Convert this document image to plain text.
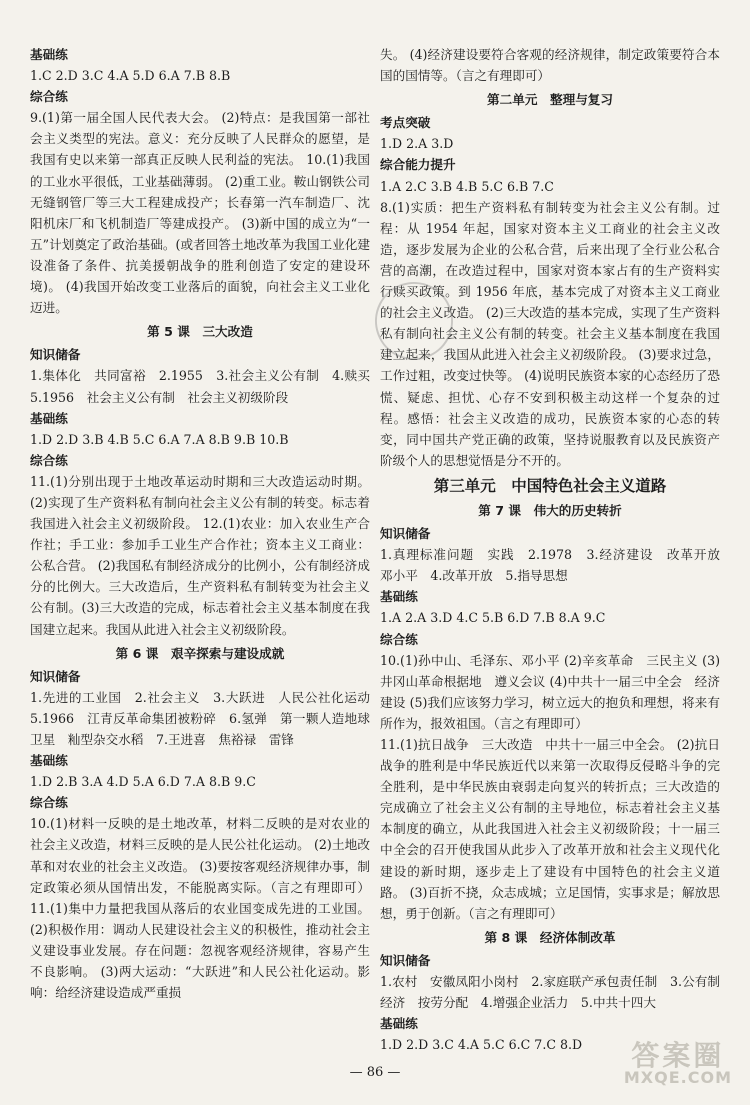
基础练

1.C 2.D 3.C 4.A 5.D 6.A 7.B 8.B

综合练

9.(1)第一届全国人民代表大会。 (2)特点：是我国第一部社会主义类型的宪法。意义：充分反映了人民群众的愿望，是我国有史以来第一部真正反映人民利益的宪法。 10.(1)我国的工业水平很低，工业基础薄弱。 (2)重工业。鞍山钢铁公司无缝钢管厂等三大工程建成投产；长春第一汽车制造厂、沈阳机床厂和飞机制造厂等建成投产。 (3)新中国的成立为“一五”计划奠定了政治基础。(或者回答土地改革为我国工业化建设准备了条件、抗美援朝战争的胜利创造了安定的建设环境)。 (4)我国开始改变工业落后的面貌，向社会主义工业化迈进。

第 5 课　三大改造
知识储备

1.集体化　共同富裕　2.1955　3.社会主义公有制　4.赎买　5.1956　社会主义公有制　社会主义初级阶段

基础练

1.D 2.D 3.B 4.B 5.C 6.A 7.A 8.B 9.B 10.B

综合练

11.(1)分别出现于土地改革运动时期和三大改造运动时期。 (2)实现了生产资料私有制向社会主义公有制的转变。标志着我国进入社会主义初级阶段。 12.(1)农业：加入农业生产合作社；手工业：参加手工业生产合作社；资本主义工商业：公私合营。 (2)我国私有制经济成分的比例小，公有制经济成分的比例大。三大改造后，生产资料私有制转变为社会主义公有制。(3)三大改造的完成，标志着社会主义基本制度在我国建立起来。我国从此进入社会主义初级阶段。

第 6 课　艰辛探索与建设成就
知识储备

1.先进的工业国　2.社会主义　3.大跃进　人民公社化运动　5.1966　江青反革命集团被粉碎　6.氢弹　第一颗人造地球卫星　籼型杂交水稻　7.王进喜　焦裕禄　雷锋

基础练

1.D 2.B 3.A 4.D 5.A 6.D 7.A 8.B 9.C

综合练

10.(1)材料一反映的是土地改革，材料二反映的是对农业的社会主义改造，材料三反映的是人民公社化运动。 (2)土地改革和对农业的社会主义改造。 (3)要按客观经济规律办事，制定政策必须从国情出发，不能脱离实际。（言之有理即可） 11.(1)集中力量把我国从落后的农业国变成先进的工业国。 (2)积极作用：调动人民建设社会主义的积极性，推动社会主义建设事业发展。存在问题：忽视客观经济规律，容易产生不良影响。 (3)两大运动：“大跃进”和人民公社化运动。影响：给经济建设造成严重损

失。 (4)经济建设要符合客观的经济规律，制定政策要符合本国的国情等。（言之有理即可）

第二单元　整理与复习
考点突破

1.D 2.A 3.D

综合能力提升

1.A 2.C 3.B 4.B 5.C 6.B 7.C

8.(1)实质：把生产资料私有制转变为社会主义公有制。过程：从 1954 年起，国家对资本主义工商业的社会主义改造，逐步发展为企业的公私合营，后来出现了全行业公私合营的高潮，在改造过程中，国家对资本家占有的生产资料实行赎买政策。到 1956 年底，基本完成了对资本主义工商业的社会主义改造。 (2)三大改造的基本完成，实现了生产资料私有制向社会主义公有制的转变。社会主义基本制度在我国建立起来，我国从此进入社会主义初级阶段。 (3)要求过急，工作过粗，改变过快等。 (4)说明民族资本家的心态经历了恐慌、疑虑、担忧、心存不安到积极主动这样一个复杂的过程。感悟：社会主义改造的成功，民族资本家的心态的转变，同中国共产党正确的政策，坚持说服教育以及民族资产阶级个人的思想觉悟是分不开的。

第三单元　中国特色社会主义道路
第 7 课　伟大的历史转折
知识储备

1.真理标准问题　实践　2.1978　3.经济建设　改革开放　邓小平　4.改革开放　5.指导思想

基础练

1.A 2.A 3.D 4.C 5.B 6.D 7.B 8.A 9.C

综合练

10.(1)孙中山、毛泽东、邓小平 (2)辛亥革命　三民主义 (3)井冈山革命根据地　遵义会议 (4)中共十一届三中全会　经济建设 (5)我们应该努力学习，树立远大的抱负和理想，将来有所作为，报效祖国。（言之有理即可）

11.(1)抗日战争　三大改造　中共十一届三中全会。 (2)抗日战争的胜利是中华民族近代以来第一次取得反侵略斗争的完全胜利，是中华民族由衰弱走向复兴的转折点；三大改造的完成确立了社会主义公有制的主导地位，标志着社会主义基本制度的确立，从此我国进入社会主义初级阶段；十一届三中全会的召开使我国从此步入了改革开放和社会主义现代化建设的新时期，逐步走上了建设有中国特色的社会主义道路。 (3)百折不挠，众志成城；立足国情，实事求是；解放思想，勇于创新。（言之有理即可）

第 8 课　经济体制改革
知识储备

1.农村　安徽凤阳小岗村　2.家庭联产承包责任制　3.公有制经济　按劳分配　4.增强企业活力　5.中共十四大

基础练

1.D 2.D 3.C 4.A 5.C 6.C 7.C 8.D

— 86 —
答案圈
MXQE.COM
